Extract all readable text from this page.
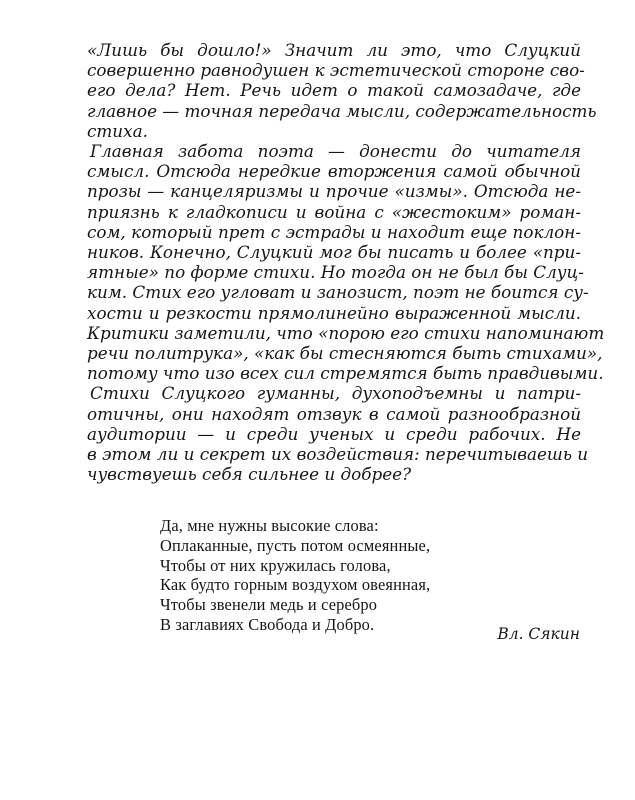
«Лишь бы дошло!» Значит ли это, что Слуцкий
совершенно равнодушен к эстетической стороне сво-
его дела? Нет. Речь идет о такой самозадаче, где
главное — точная передача мысли, содержательность
стиха.

Главная забота поэта — донести до читателя
смысл. Отсюда нередкие вторжения самой обычной
прозы — канцеляризмы и прочие «измы». Отсюда не-
приязнь к гладкописи и война с «жестоким» роман-
сом, который прет с эстрады и находит еще поклон-
ников. Конечно, Слуцкий мог бы писать и более «при-
ятные» по форме стихи. Но тогда он не был бы Слуц-
ким. Стих его угловат и занозист, поэт не боится су-
хости и резкости прямолинейно выраженной мысли.
Критики заметили, что «порою его стихи напоминают
речи политрука», «как бы стесняются быть стихами»,
потому что изо всех сил стремятся быть правдивыми.

Стихи Слуцкого гуманны, духоподъемны и патри-
отичны, они находят отзвук в самой разнообразной
аудитории — и среди ученых и среди рабочих. Не
в этом ли и секрет их воздействия: перечитываешь и
чувствуешь себя сильнее и добрее?

Да, мне нужны высокие слова:
Оплаканные, пусть потом осмеянные,
Чтобы от них кружилась голова,
Как будто горным воздухом овеянная,
Чтобы звенели медь и серебро
В заглавиях Свобода и Добро.
Вл. Сякин
